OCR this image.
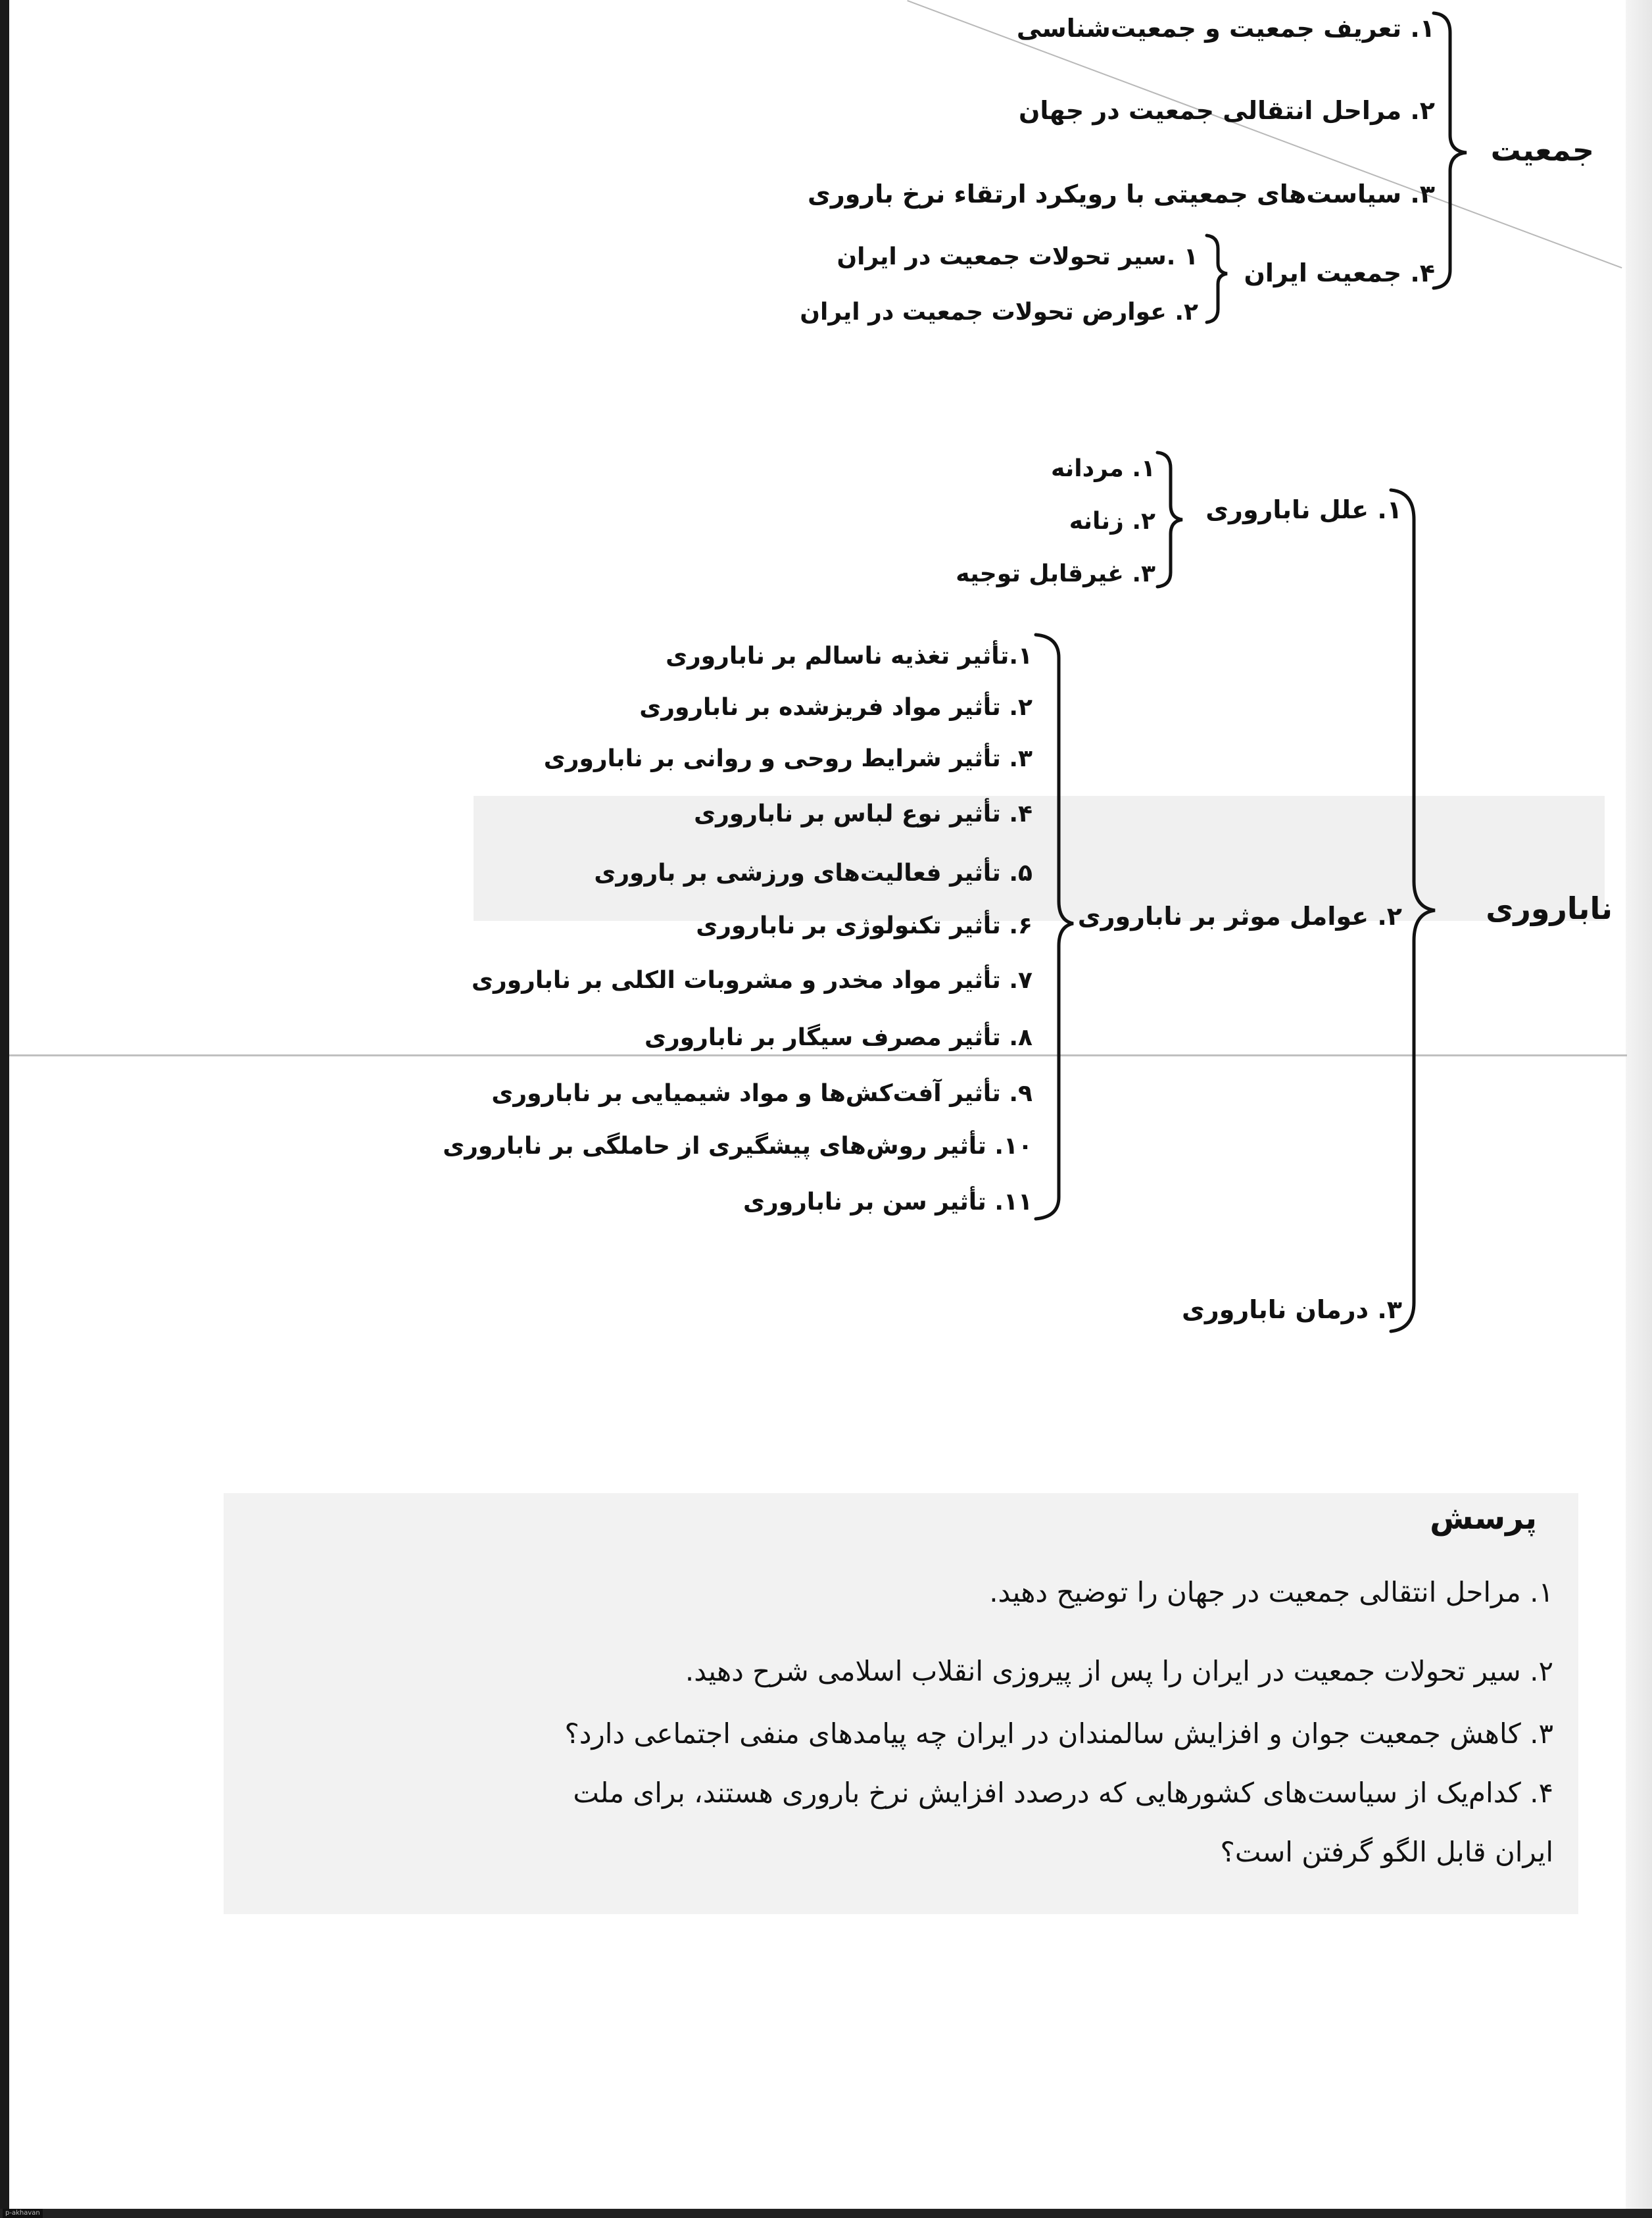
جمعیت
۱. تعریف جمعیت و جمعیت‌شناسی
۲. مراحل انتقالی جمعیت در جهان
۳. سیاست‌های جمعیتی با رویکرد ارتقاء نرخ باروری
۴. جمعیت ایران
۱ .سیر تحولات جمعیت در ایران
۲. عوارض تحولات جمعیت در ایران
ناباروری
۱. علل ناباروری
۲. عوامل موثر بر ناباروری
۳. درمان ناباروری
۱. مردانه
۲. زنانه
۳. غیرقابل توجیه
۱.تأثیر تغذیه ناسالم بر ناباروری
۲. تأثیر مواد فریزشده بر ناباروری
۳. تأثیر شرایط روحی و روانی بر ناباروری
۴. تأثیر نوع لباس بر ناباروری
۵. تأثیر فعالیت‌های ورزشی بر باروری
۶. تأثیر تکنولوژی بر ناباروری
۷. تأثیر مواد مخدر و مشروبات الکلی بر ناباروری
۸. تأثیر مصرف سیگار بر ناباروری
۹. تأثیر آفت‌کش‌ها و مواد شیمیایی بر ناباروری
۱۰. تأثیر روش‌های پیشگیری از حاملگی بر ناباروری
۱۱. تأثیر سن بر ناباروری
پرسش
۱. مراحل انتقالی جمعیت در جهان را توضیح دهید.
۲. سیر تحولات جمعیت در ایران را پس از پیروزی انقلاب اسلامی شرح دهید.
۳. کاهش جمعیت جوان و افزایش سالمندان در ایران چه پیامدهای منفی اجتماعی دارد؟
۴. کدام‌یک از سیاست‌های کشورهایی که درصدد افزایش نرخ باروری هستند، برای ملت
ایران قابل الگو گرفتن است؟
p-akhavan
